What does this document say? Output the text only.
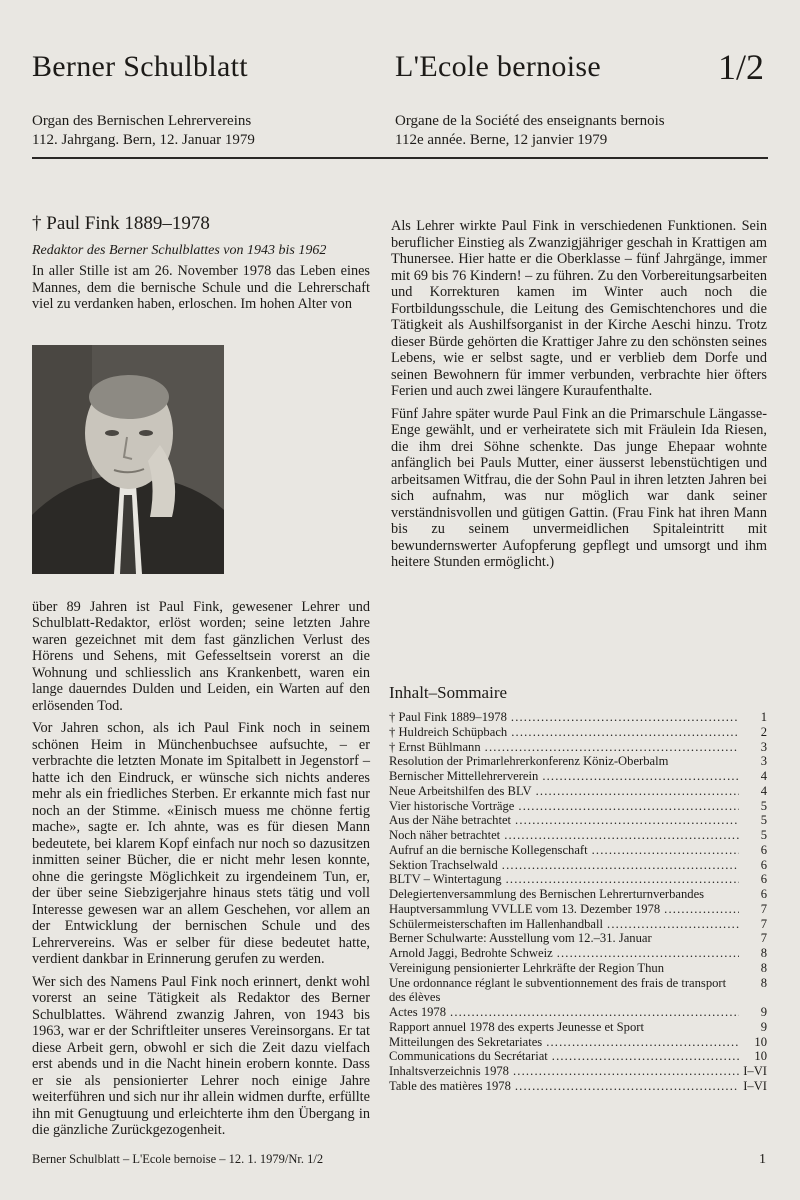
Berner Schulblatt	L'Ecole bernoise	1/2
Organ des Bernischen Lehrervereins
112. Jahrgang. Bern, 12. Januar 1979
Organe de la Société des enseignants bernois
112e année. Berne, 12 janvier 1979
† Paul Fink 1889–1978
Redaktor des Berner Schulblattes von 1943 bis 1962

In aller Stille ist am 26. November 1978 das Leben eines Mannes, dem die bernische Schule und die Lehrerschaft viel zu verdanken haben, erloschen. Im hohen Alter von

über 89 Jahren ist Paul Fink, gewesener Lehrer und Schulblatt-Redaktor, erlöst worden; seine letzten Jahre waren gezeichnet mit dem fast gänzlichen Verlust des Hörens und Sehens, mit Gefesseltsein vorerst an die Wohnung und schliesslich ans Krankenbett, waren ein lange dauerndes Dulden und Leiden, ein Warten auf den erlösenden Tod.

Vor Jahren schon, als ich Paul Fink noch in seinem schönen Heim in Münchenbuchsee aufsuchte, – er verbrachte die letzten Monate im Spitalbett in Jegenstorf – hatte ich den Eindruck, er wünsche sich nichts anderes mehr als ein friedliches Sterben. Er erkannte mich fast nur noch an der Stimme. «Einisch muess me chönne fertig mache», sagte er. Ich ahnte, was es für diesen Mann bedeutete, bei klarem Kopf einfach nur noch so dazusitzen inmitten seiner Bücher, die er nicht mehr lesen konnte, ohne die geringste Möglichkeit zu irgendeinem Tun, er, der über seine Siebzigerjahre hinaus stets tätig und voll Interesse gewesen war an allem Geschehen, vor allem an der Entwicklung der bernischen Schule und des Lehrervereins. Was er selber für diese bedeutet hatte, verdient dankbar in Erinnerung gerufen zu werden.

Wer sich des Namens Paul Fink noch erinnert, denkt wohl vorerst an seine Tätigkeit als Redaktor des Berner Schulblattes. Während zwanzig Jahren, von 1943 bis 1963, war er der Schriftleiter unseres Vereinsorgans. Er tat diese Arbeit gern, obwohl er sich die Zeit dazu vielfach erst abends und in die Nacht hinein erobern konnte. Dass er sie als pensionierter Lehrer noch einige Jahre weiterführen und sich nur ihr allein widmen durfte, erfüllte ihn mit Genugtuung und erleichterte ihm den Übergang in die gänzliche Zurückgezogenheit.

Als Lehrer wirkte Paul Fink in verschiedenen Funktionen. Sein beruflicher Einstieg als Zwanzigjähriger geschah in Krattigen am Thunersee. Hier hatte er die Oberklasse – fünf Jahrgänge, immer mit 69 bis 76 Kindern! – zu führen. Zu den Vorbereitungsarbeiten und Korrekturen kamen im Winter auch noch die Fortbildungsschule, die Leitung des Gemischtenchores und die Tätigkeit als Aushilfsorganist in der Kirche Aeschi hinzu. Trotz dieser Bürde gehörten die Krattiger Jahre zu den schönsten seines Lebens, wie er selbst sagte, und er verblieb dem Dorfe und seinen Bewohnern für immer verbunden, verbrachte hier öfters Ferien und auch zwei längere Kuraufenthalte.

Fünf Jahre später wurde Paul Fink an die Primarschule Längasse-Enge gewählt, und er verheiratete sich mit Fräulein Ida Riesen, die ihm drei Söhne schenkte. Das junge Ehepaar wohnte anfänglich bei Pauls Mutter, einer äusserst lebenstüchtigen und arbeitsamen Witfrau, die der Sohn Paul in ihren letzten Jahren bei sich aufnahm, was nur möglich war dank seiner verständnisvollen und gütigen Gattin. (Frau Fink hat ihren Mann bis zu seinem unvermeidlichen Spitaleintritt mit bewundernswerter Aufopferung gepflegt und umsorgt und ihm heitere Stunden ermöglicht.)

Inhalt–Sommaire
† Paul Fink 1889–1978 . . .	1
† Huldreich Schüpbach . . .	2
† Ernst Bühlmann . . .	3
Resolution der Primarlehrerkonferenz Köniz-Oberbalm	3
Bernischer Mittellehrerverein . . .	4
Neue Arbeitshilfen des BLV . . .	4
Vier historische Vorträge . . .	5
Aus der Nähe betrachtet . . .	5
Noch näher betrachtet . . .	5
Aufruf an die bernische Kollegenschaft . . .	6
Sektion Trachselwald . . .	6
BLTV – Wintertagung . . .	6
Delegiertenversammlung des Bernischen Lehrerturnverbandes	6
Hauptversammlung VVLLE vom 13. Dezember 1978 . . .	7
Schülermeisterschaften im Hallenhandball . . .	7
Berner Schulwarte: Ausstellung vom 12.–31. Januar	7
Arnold Jaggi, Bedrohte Schweiz . . .	8
Vereinigung pensionierter Lehrkräfte der Region Thun	8
Une ordonnance réglant le subventionnement des frais de transport des élèves
8
Actes 1978 . . .	9
Rapport annuel 1978 des experts Jeunesse et Sport	9
Mitteilungen des Sekretariates . . .	10
Communications du Secrétariat . . .	10
Inhaltsverzeichnis 1978 . . .	I–VI
Table des matières 1978 . . .	I–VI
Berner Schulblatt – L'Ecole bernoise – 12. 1. 1979/Nr. 1/2	1
